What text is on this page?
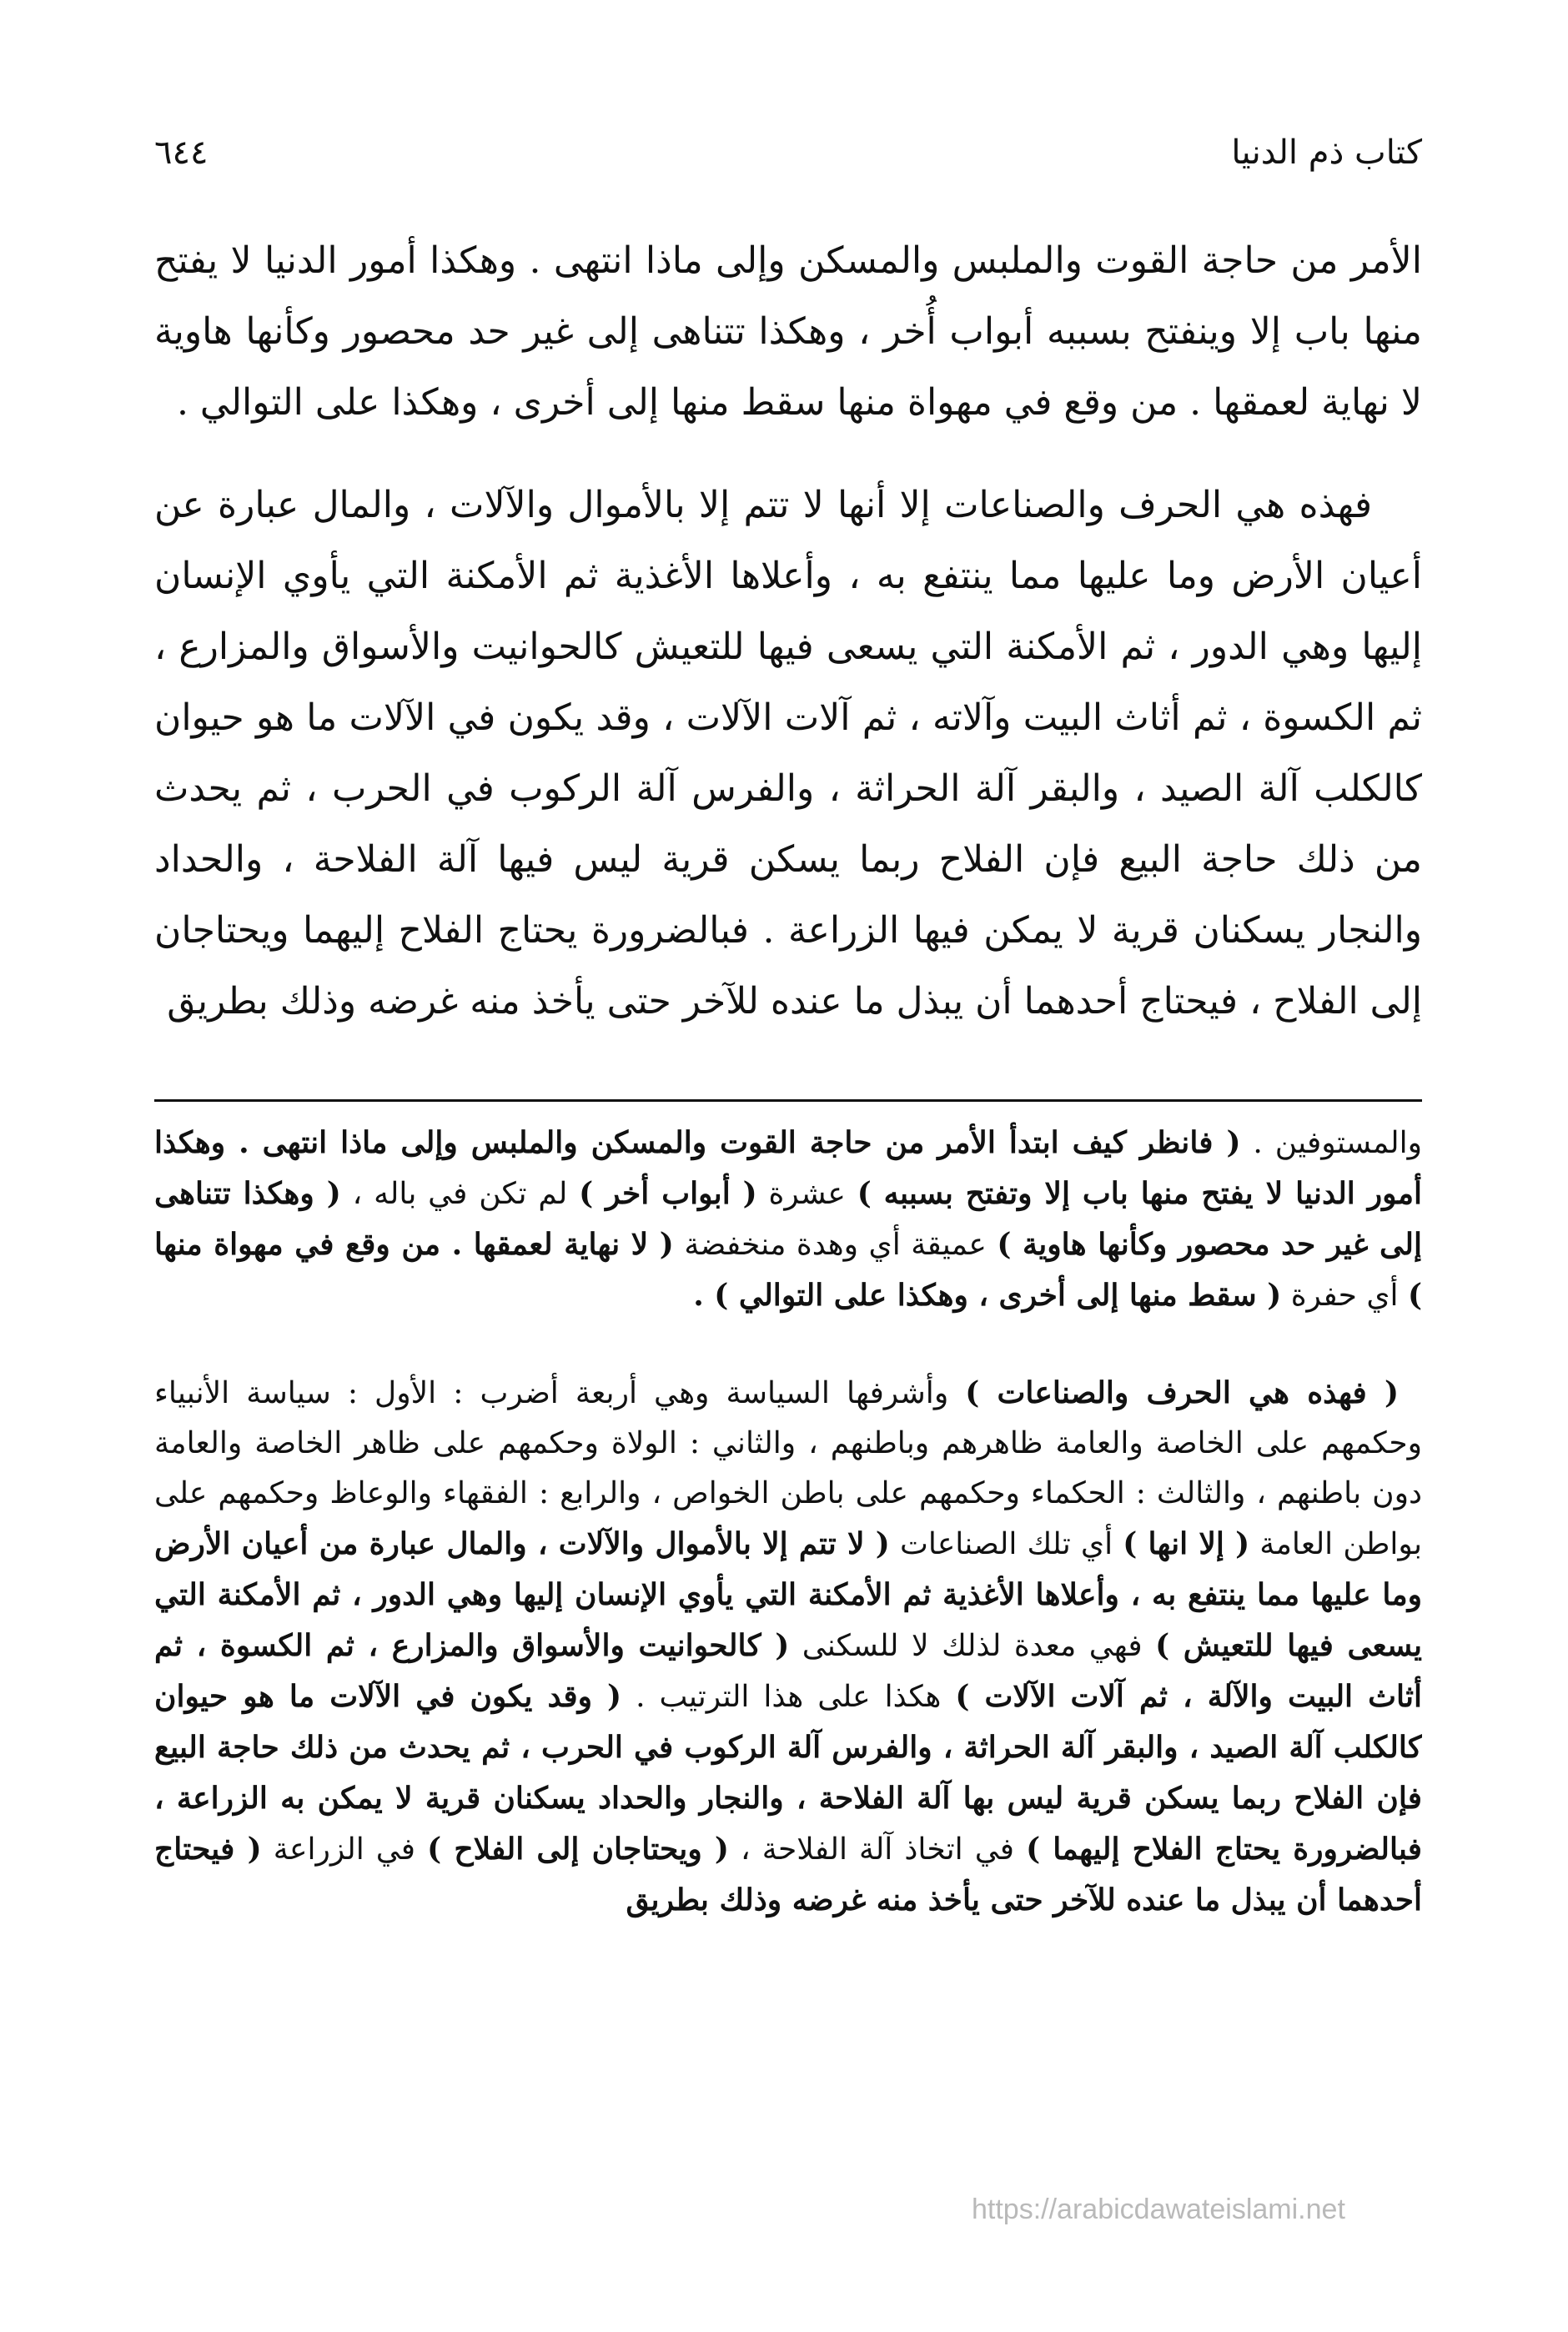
كتاب ذم الدنيا
٦٤٤

الأمر من حاجة القوت والملبس والمسكن وإلى ماذا انتهى . وهكذا أمور الدنيا لا يفتح منها باب إلا وينفتح بسببه أبواب أُخر ، وهكذا تتناهى إلى غير حد محصور وكأنها هاوية لا نهاية لعمقها . من وقع في مهواة منها سقط منها إلى أخرى ، وهكذا على التوالي .

فهذه هي الحرف والصناعات إلا أنها لا تتم إلا بالأموال والآلات ، والمال عبارة عن أعيان الأرض وما عليها مما ينتفع به ، وأعلاها الأغذية ثم الأمكنة التي يأوي الإنسان إليها وهي الدور ، ثم الأمكنة التي يسعى فيها للتعيش كالحوانيت والأسواق والمزارع ، ثم الكسوة ، ثم أثاث البيت وآلاته ، ثم آلات الآلات ، وقد يكون في الآلات ما هو حيوان كالكلب آلة الصيد ، والبقر آلة الحراثة ، والفرس آلة الركوب في الحرب ، ثم يحدث من ذلك حاجة البيع فإن الفلاح ربما يسكن قرية ليس فيها آلة الفلاحة ، والحداد والنجار يسكنان قرية لا يمكن فيها الزراعة . فبالضرورة يحتاج الفلاح إليهما ويحتاجان إلى الفلاح ، فيحتاج أحدهما أن يبذل ما عنده للآخر حتى يأخذ منه غرضه وذلك بطريق

والمستوفين . ( فانظر كيف ابتدأ الأمر من حاجة القوت والمسكن والملبس وإلى ماذا انتهى . وهكذا أمور الدنيا لا يفتح منها باب إلا وتفتح بسببه ) عشرة ( أبواب أخر ) لم تكن في باله ، ( وهكذا تتناهى إلى غير حد محصور وكأنها هاوية ) عميقة أي وهدة منخفضة ( لا نهاية لعمقها . من وقع في مهواة منها ) أي حفرة ( سقط منها إلى أخرى ، وهكذا على التوالي ) .

( فهذه هي الحرف والصناعات ) وأشرفها السياسة وهي أربعة أضرب : الأول : سياسة الأنبياء وحكمهم على الخاصة والعامة ظاهرهم وباطنهم ، والثاني : الولاة وحكمهم على ظاهر الخاصة والعامة دون باطنهم ، والثالث : الحكماء وحكمهم على باطن الخواص ، والرابع : الفقهاء والوعاظ وحكمهم على بواطن العامة ( إلا انها ) أي تلك الصناعات ( لا تتم إلا بالأموال والآلات ، والمال عبارة من أعيان الأرض وما عليها مما ينتفع به ، وأعلاها الأغذية ثم الأمكنة التي يأوي الإنسان إليها وهي الدور ، ثم الأمكنة التي يسعى فيها للتعيش ) فهي معدة لذلك لا للسكنى ( كالحوانيت والأسواق والمزارع ، ثم الكسوة ، ثم أثاث البيت والآلة ، ثم آلات الآلات ) هكذا على هذا الترتيب . ( وقد يكون في الآلات ما هو حيوان كالكلب آلة الصيد ، والبقر آلة الحراثة ، والفرس آلة الركوب في الحرب ، ثم يحدث من ذلك حاجة البيع فإن الفلاح ربما يسكن قرية ليس بها آلة الفلاحة ، والنجار والحداد يسكنان قرية لا يمكن به الزراعة ، فبالضرورة يحتاج الفلاح إليهما ) في اتخاذ آلة الفلاحة ، ( ويحتاجان إلى الفلاح ) في الزراعة ( فيحتاج أحدهما أن يبذل ما عنده للآخر حتى يأخذ منه غرضه وذلك بطريق

https://arabicdawateislami.net
